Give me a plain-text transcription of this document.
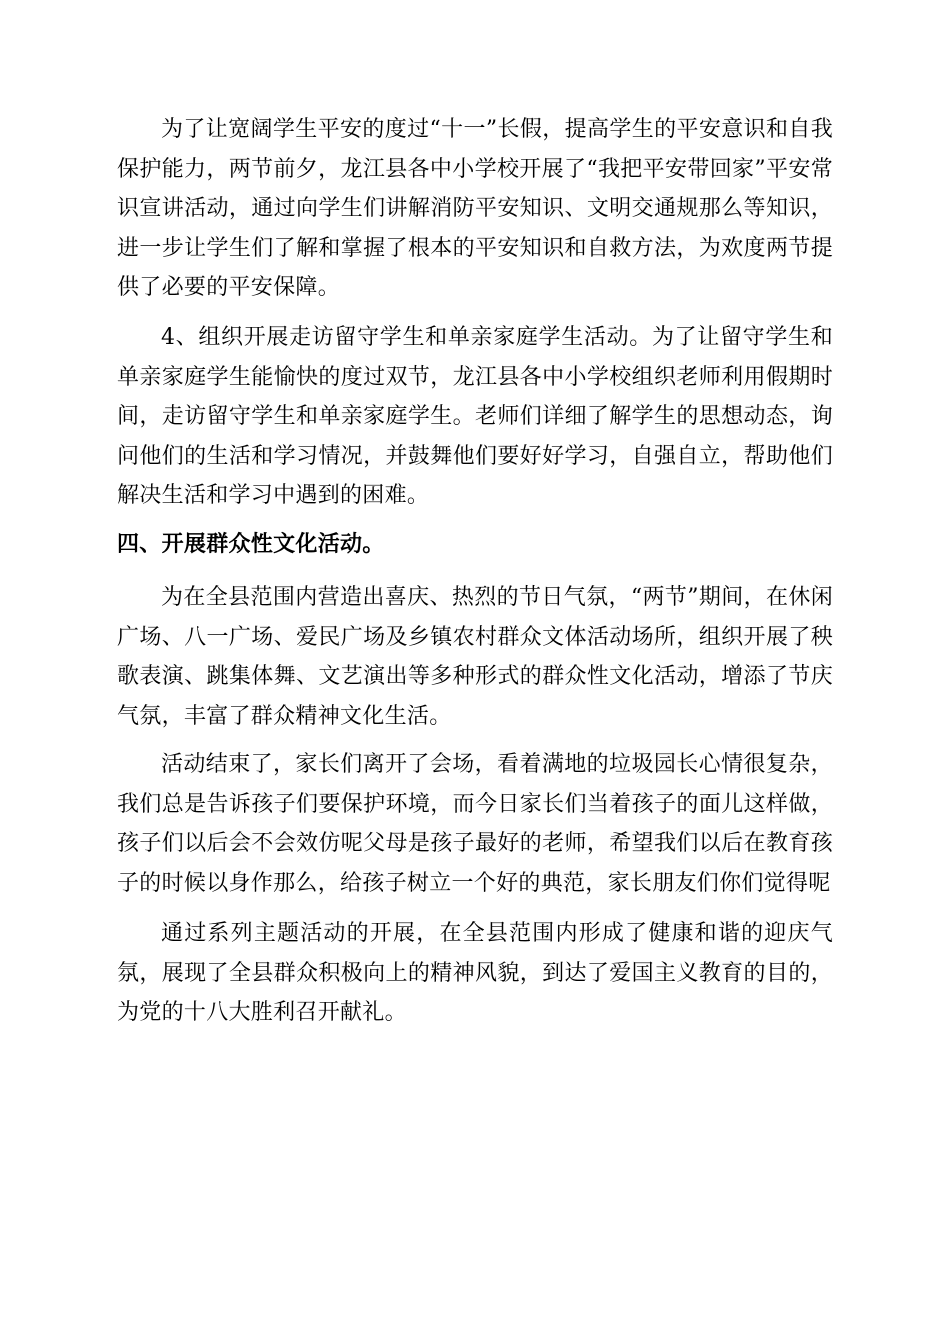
为了让宽阔学生平安的度过“十一”长假，提高学生的平安意识和自我保护能力，两节前夕，龙江县各中小学校开展了“我把平安带回家”平安常识宣讲活动，通过向学生们讲解消防平安知识、文明交通规那么等知识，进一步让学生们了解和掌握了根本的平安知识和自救方法，为欢度两节提供了必要的平安保障。

4、组织开展走访留守学生和单亲家庭学生活动。为了让留守学生和单亲家庭学生能愉快的度过双节，龙江县各中小学校组织老师利用假期时间，走访留守学生和单亲家庭学生。老师们详细了解学生的思想动态，询问他们的生活和学习情况，并鼓舞他们要好好学习，自强自立，帮助他们解决生活和学习中遇到的困难。

四、开展群众性文化活动。

为在全县范围内营造出喜庆、热烈的节日气氛，“两节”期间，在休闲广场、八一广场、爱民广场及乡镇农村群众文体活动场所，组织开展了秧歌表演、跳集体舞、文艺演出等多种形式的群众性文化活动，增添了节庆气氛，丰富了群众精神文化生活。

活动结束了，家长们离开了会场，看着满地的垃圾园长心情很复杂，我们总是告诉孩子们要保护环境，而今日家长们当着孩子的面儿这样做，孩子们以后会不会效仿呢父母是孩子最好的老师，希望我们以后在教育孩子的时候以身作那么，给孩子树立一个好的典范，家长朋友们你们觉得呢

通过系列主题活动的开展，在全县范围内形成了健康和谐的迎庆气氛，展现了全县群众积极向上的精神风貌，到达了爱国主义教育的目的，为党的十八大胜利召开献礼。
